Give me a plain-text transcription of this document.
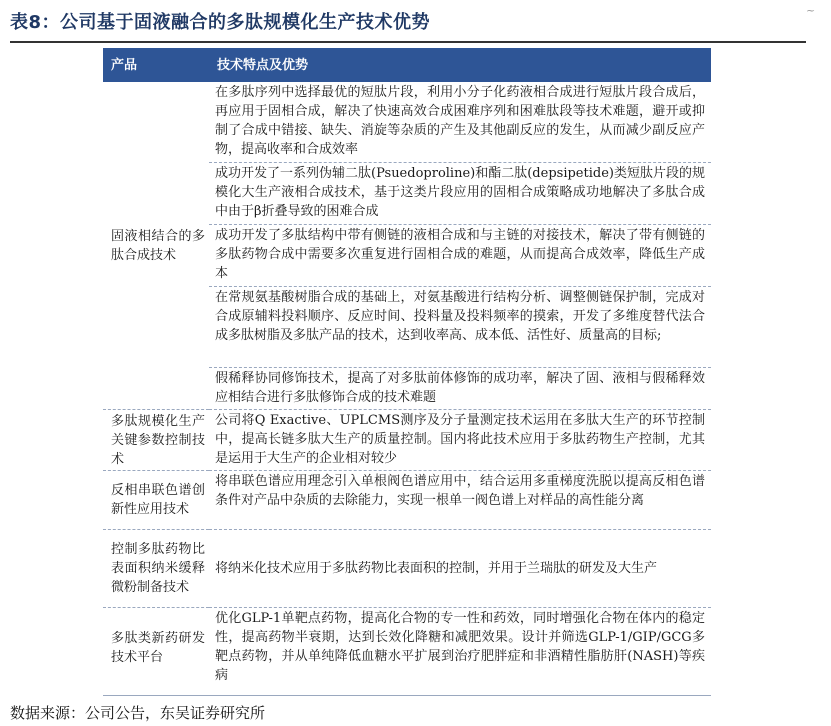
表8：公司基于固液融合的多肽规模化生产技术优势
~
产品	技术特点及优势
固液相结合的多肽合成技术	在多肽序列中选择最优的短肽片段，利用小分子化药液相合成进行短肽片段合成后，再应用于固相合成，解决了快速高效合成困难序列和困难肽段等技术难题，避开或抑制了合成中错接、缺失、消旋等杂质的产生及其他副反应的发生，从而减少副反应产物，提高收率和合成效率
	成功开发了一系列伪辅二肽(Psuedoproline)和酯二肽(depsipetide)类短肽片段的规模化大生产液相合成技术，基于这类片段应用的固相合成策略成功地解决了多肽合成中由于β折叠导致的困难合成
	成功开发了多肽结构中带有侧链的液相合成和与主链的对接技术，解决了带有侧链的多肽药物合成中需要多次重复进行固相合成的难题，从而提高合成效率，降低生产成本
	在常规氨基酸树脂合成的基础上，对氨基酸进行结构分析、调整侧链保护制，完成对合成原辅料投料顺序、反应时间、投料量及投料频率的摸索，开发了多维度替代法合成多肽树脂及多肽产品的技术，达到收率高、成本低、活性好、质量高的目标;
	假稀释协同修饰技术，提高了对多肽前体修饰的成功率，解决了固、液相与假稀释效应相结合进行多肽修饰合成的技术难题
多肽规模化生产关键参数控制技术	公司将Q Exactive、UPLCMS测序及分子量测定技术运用在多肽大生产的环节控制中，提高长链多肽大生产的质量控制。国内将此技术应用于多肽药物生产控制，尤其是运用于大生产的企业相对较少
反相串联色谱创新性应用技术	将串联色谱应用理念引入单根阀色谱应用中，结合运用多重梯度洗脱以提高反相色谱条件对产品中杂质的去除能力，实现一根单一阀色谱上对样品的高性能分离
控制多肽药物比表面积纳米缓释微粉制备技术	将纳米化技术应用于多肽药物比表面积的控制，并用于兰瑞肽的研发及大生产
多肽类新药研发技术平台	优化GLP-1单靶点药物，提高化合物的专一性和药效，同时增强化合物在体内的稳定性，提高药物半衰期，达到长效化降糖和减肥效果。设计并筛选GLP-1/GIP/GCG多靶点药物，并从单纯降低血糖水平扩展到治疗肥胖症和非酒精性脂肪肝(NASH)等疾病
数据来源：公司公告，东吴证券研究所
